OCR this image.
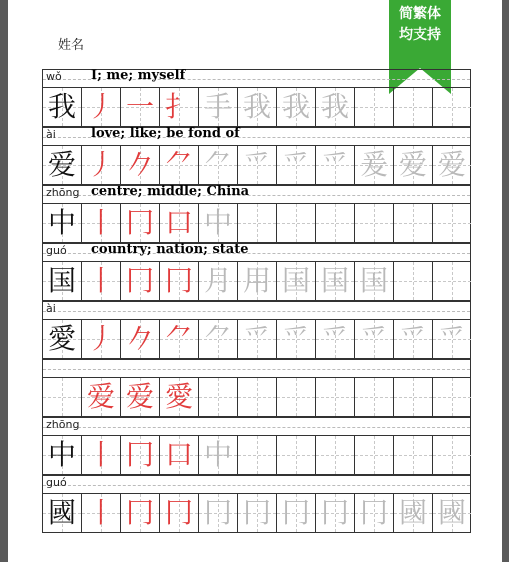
姓名
简繁体
均支持
wǒ I; me; myself
我 丿 一 扌 手 我 我 我
ài	love; like; be fond of
爱 丿 𠂊 ⺈ ⺈ 爫 爫 爫 爰 爱 爱
zhōng centre; middle; China
中 丨 冂 口 中
guó country; nation; state
国 丨 冂 冂 月 用 国 国 国
ài
愛 丿 𠂊 ⺈ ⺈ 爫 爫 爫 爫 爫 爫
爱 爱 愛
zhōng
中 丨 冂 口 中
guó
國 丨 冂 冂 冂 冂 冂 冂 冂 國 國
